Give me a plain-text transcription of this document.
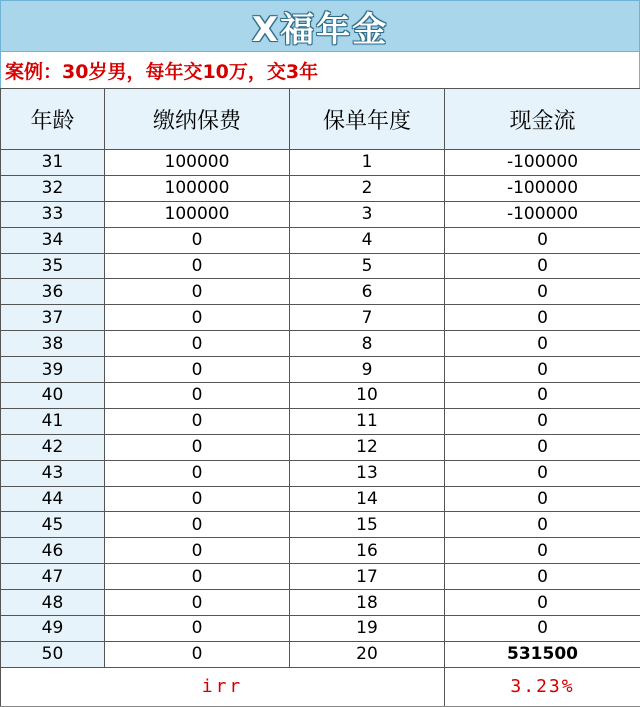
X福年金
案例：30岁男，每年交10万，交3年
年龄	缴纳保费	保单年度	现金流
31	100000	1	-100000
32	100000	2	-100000
33	100000	3	-100000
34	0	4	0
35	0	5	0
36	0	6	0
37	0	7	0
38	0	8	0
39	0	9	0
40	0	10	0
41	0	11	0
42	0	12	0
43	0	13	0
44	0	14	0
45	0	15	0
46	0	16	0
47	0	17	0
48	0	18	0
49	0	19	0
50	0	20	531500
irr			3.23%
